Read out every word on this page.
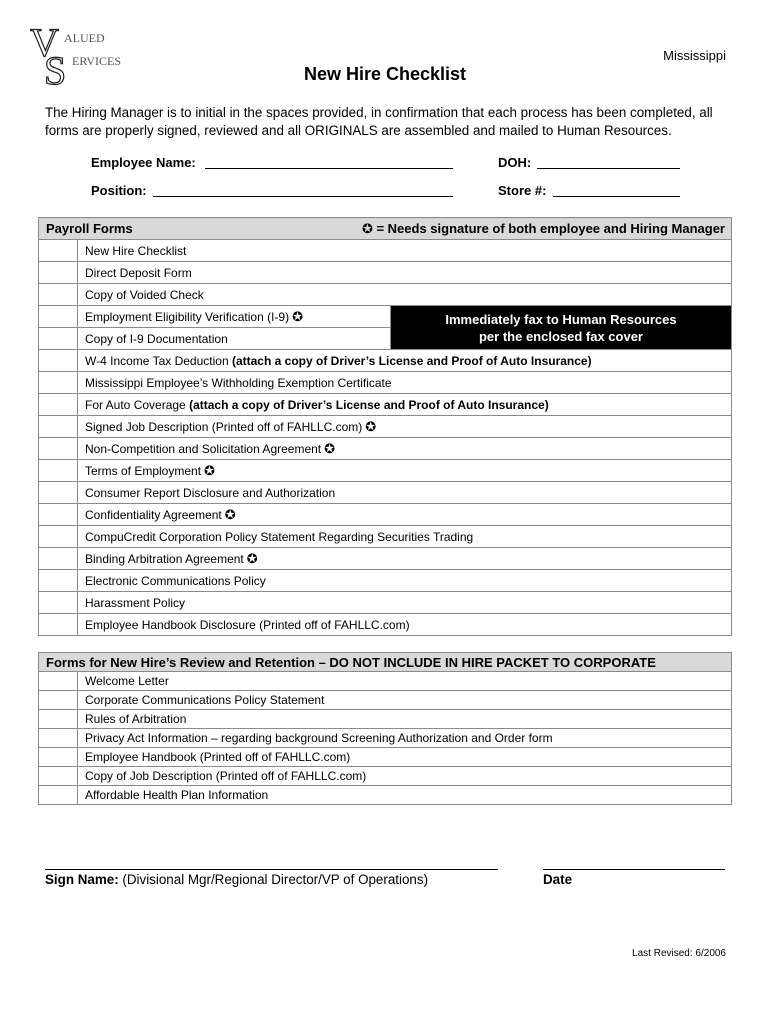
V
S
ALUED
ERVICES	Mississippi
New Hire Checklist
The Hiring Manager is to initial in the spaces provided, in confirmation that each process has been completed, all forms are properly signed, reviewed and all ORIGINALS are assembled and mailed to Human Resources.
Employee Name:	DOH:
Position:	Store #:
Payroll Forms ✪ = Needs signature of both employee and Hiring Manager		

	New Hire Checklist	
	Direct Deposit Form	
	Copy of Voided Check	
	Employment Eligibility Verification (I-9) ✪	Immediately fax to Human Resources
per the enclosed fax cover

	Copy of I-9 Documentation	
	W-4 Income Tax Deduction (attach a copy of Driver’s License and Proof of Auto Insurance)	
	Mississippi Employee’s Withholding Exemption Certificate	
	For Auto Coverage (attach a copy of Driver’s License and Proof of Auto Insurance)	
	Signed Job Description (Printed off of FAHLLC.com) ✪	
	Non-Competition and Solicitation Agreement ✪	
	Terms of Employment ✪	
	Consumer Report Disclosure and Authorization	
	Confidentiality Agreement ✪	
	CompuCredit Corporation Policy Statement Regarding Securities Trading	
	Binding Arbitration Agreement ✪	
	Electronic Communications Policy	
	Harassment Policy	
	Employee Handbook Disclosure (Printed off of FAHLLC.com)	
Forms for New Hire’s Review and Retention – DO NOT INCLUDE IN HIRE PACKET TO CORPORATE	
	Welcome Letter
	Corporate Communications Policy Statement
	Rules of Arbitration
	Privacy Act Information – regarding background Screening Authorization and Order form
	Employee Handbook (Printed off of FAHLLC.com)
	Copy of Job Description (Printed off of FAHLLC.com)
	Affordable Health Plan Information
Sign Name: (Divisional Mgr/Regional Director/VP of Operations)	Date
Last Revised: 6/2006
